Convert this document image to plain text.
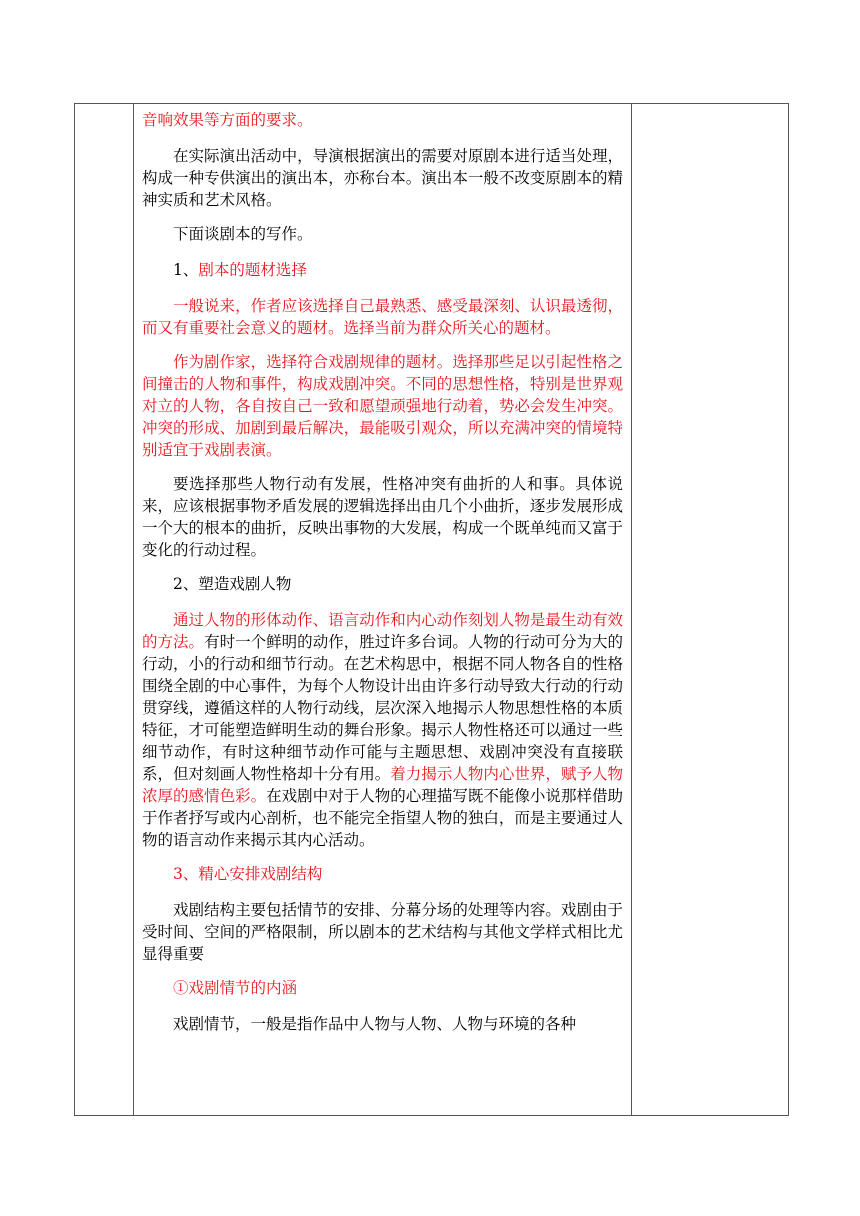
音响效果等方面的要求。

在实际演出活动中，导演根据演出的需要对原剧本进行适当处理，构成一种专供演出的演出本，亦称台本。演出本一般不改变原剧本的精神实质和艺术风格。

下面谈剧本的写作。

1、剧本的题材选择

一般说来，作者应该选择自己最熟悉、感受最深刻、认识最透彻，而又有重要社会意义的题材。选择当前为群众所关心的题材。

作为剧作家，选择符合戏剧规律的题材。选择那些足以引起性格之间撞击的人物和事件，构成戏剧冲突。不同的思想性格，特别是世界观对立的人物，各自按自己一致和愿望顽强地行动着，势必会发生冲突。冲突的形成、加剧到最后解决，最能吸引观众，所以充满冲突的情境特别适宜于戏剧表演。

要选择那些人物行动有发展，性格冲突有曲折的人和事。具体说来，应该根据事物矛盾发展的逻辑选择出由几个小曲折，逐步发展形成一个大的根本的曲折，反映出事物的大发展，构成一个既单纯而又富于变化的行动过程。

2、塑造戏剧人物

通过人物的形体动作、语言动作和内心动作刻划人物是最生动有效的方法。有时一个鲜明的动作，胜过许多台词。人物的行动可分为大的行动，小的行动和细节行动。在艺术构思中，根据不同人物各自的性格围绕全剧的中心事件，为每个人物设计出由许多行动导致大行动的行动贯穿线，遵循这样的人物行动线，层次深入地揭示人物思想性格的本质特征，才可能塑造鲜明生动的舞台形象。揭示人物性格还可以通过一些细节动作，有时这种细节动作可能与主题思想、戏剧冲突没有直接联系，但对刻画人物性格却十分有用。着力揭示人物内心世界，赋予人物浓厚的感情色彩。在戏剧中对于人物的心理描写既不能像小说那样借助于作者抒写或内心剖析，也不能完全指望人物的独白，而是主要通过人物的语言动作来揭示其内心活动。

3、精心安排戏剧结构

戏剧结构主要包括情节的安排、分幕分场的处理等内容。戏剧由于受时间、空间的严格限制，所以剧本的艺术结构与其他文学样式相比尤显得重要

①戏剧情节的内涵

戏剧情节，一般是指作品中人物与人物、人物与环境的各种
